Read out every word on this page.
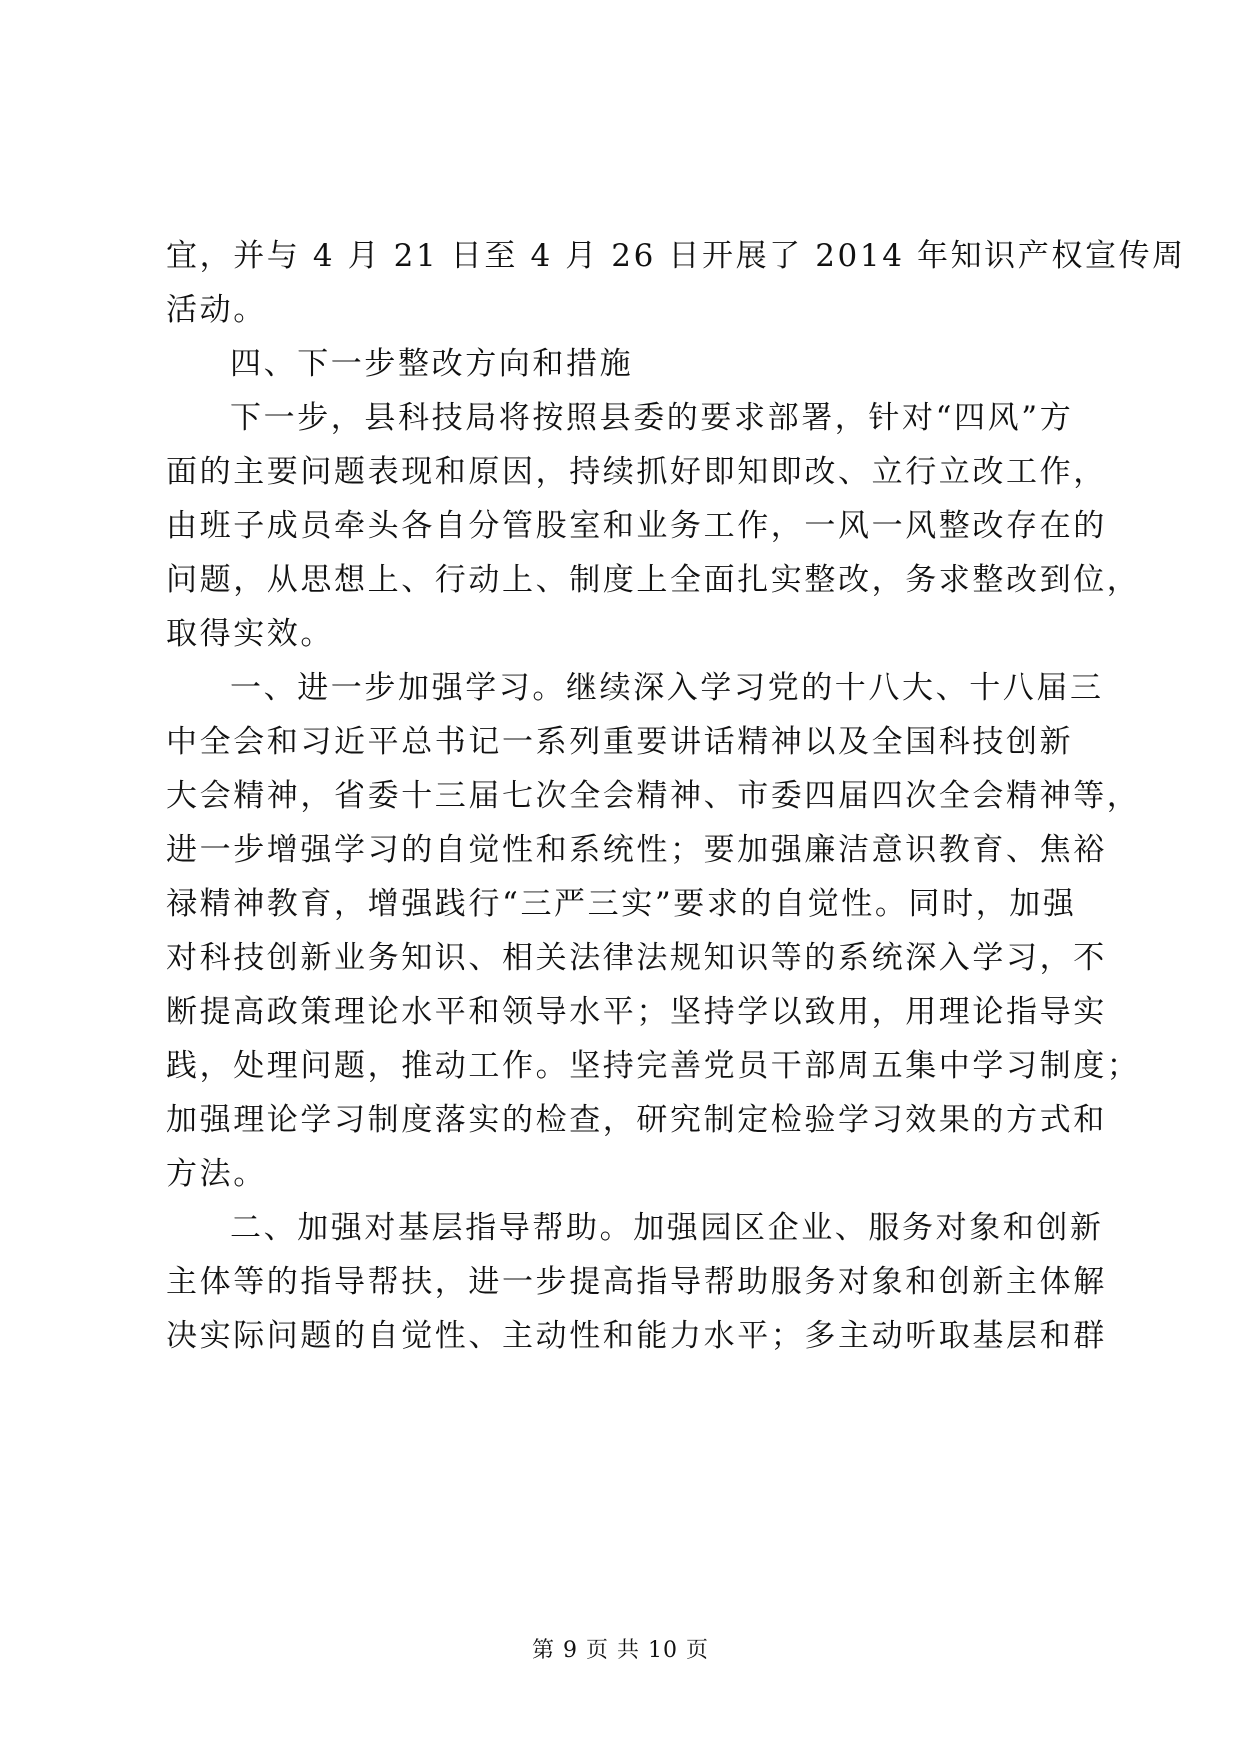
宜，并与 4 月 21 日至 4 月 26 日开展了 2014 年知识产权宣传周
活动。
四、下一步整改方向和措施
下一步，县科技局将按照县委的要求部署，针对“四风”方
面的主要问题表现和原因，持续抓好即知即改、立行立改工作，
由班子成员牵头各自分管股室和业务工作，一风一风整改存在的
问题，从思想上、行动上、制度上全面扎实整改，务求整改到位，
取得实效。
一、进一步加强学习。继续深入学习党的十八大、十八届三
中全会和习近平总书记一系列重要讲话精神以及全国科技创新
大会精神，省委十三届七次全会精神、市委四届四次全会精神等，
进一步增强学习的自觉性和系统性；要加强廉洁意识教育、焦裕
禄精神教育，增强践行“三严三实”要求的自觉性。同时，加强
对科技创新业务知识、相关法律法规知识等的系统深入学习，不
断提高政策理论水平和领导水平；坚持学以致用，用理论指导实
践，处理问题，推动工作。坚持完善党员干部周五集中学习制度；
加强理论学习制度落实的检查，研究制定检验学习效果的方式和
方法。
二、加强对基层指导帮助。加强园区企业、服务对象和创新
主体等的指导帮扶，进一步提高指导帮助服务对象和创新主体解
决实际问题的自觉性、主动性和能力水平；多主动听取基层和群
第 9 页 共 10 页
